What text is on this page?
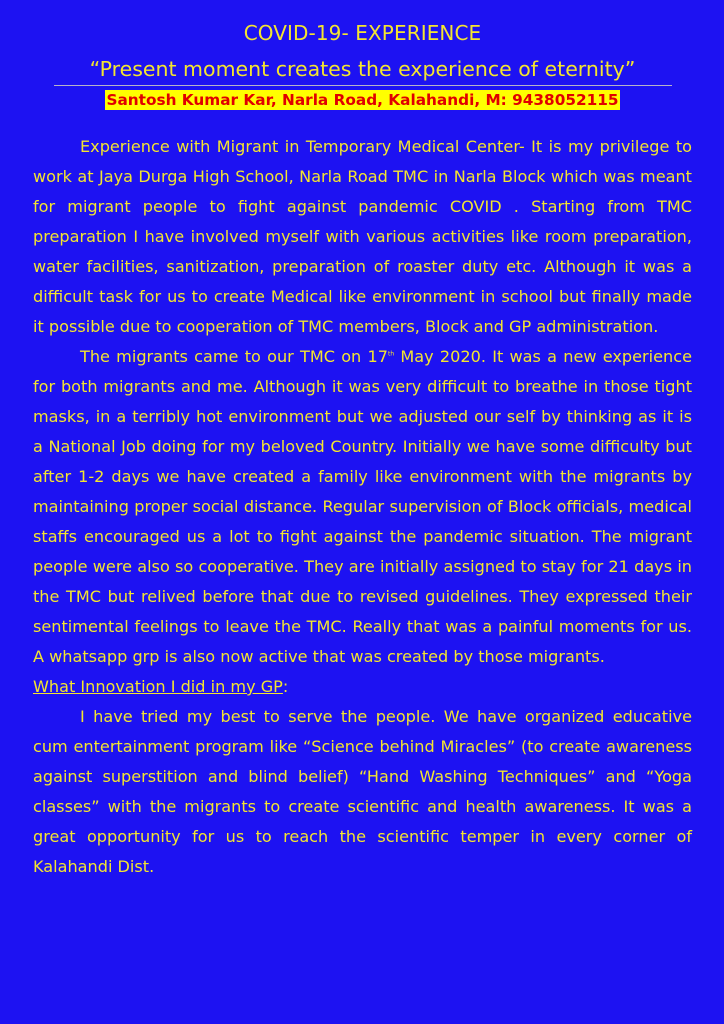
COVID-19- EXPERIENCE
“Present moment creates the experience of eternity”
Santosh Kumar Kar, Narla Road, Kalahandi, M: 9438052115

Experience with Migrant in Temporary Medical Center- It is my privilege to work at Jaya Durga High School, Narla Road TMC in Narla Block which was meant for migrant people to fight against pandemic COVID . Starting from TMC preparation I have involved myself with various activities like room preparation, water facilities, sanitization, preparation of roaster duty etc. Although it was a difficult task for us to create Medical like environment in school but finally made it possible due to cooperation of TMC members, Block and GP administration.

The migrants came to our TMC on 17th May 2020. It was a new experience for both migrants and me. Although it was very difficult to breathe in those tight masks, in a terribly hot environment but we adjusted our self by thinking as it is a National Job doing for my beloved Country. Initially we have some difficulty but after 1-2 days we have created a family like environment with the migrants by maintaining proper social distance. Regular supervision of Block officials, medical staffs encouraged us a lot to fight against the pandemic situation. The migrant people were also so cooperative. They are initially assigned to stay for 21 days in the TMC but relived before that due to revised guidelines. They expressed their sentimental feelings to leave the TMC. Really that was a painful moments for us. A whatsapp grp is also now active that was created by those migrants.

What Innovation I did in my GP:

I have tried my best to serve the people. We have organized educative cum entertainment program like “Science behind Miracles” (to create awareness against superstition and blind belief) “Hand Washing Techniques” and “Yoga classes” with the migrants to create scientific and health awareness. It was a great opportunity for us to reach the scientific temper in every corner of Kalahandi Dist.
